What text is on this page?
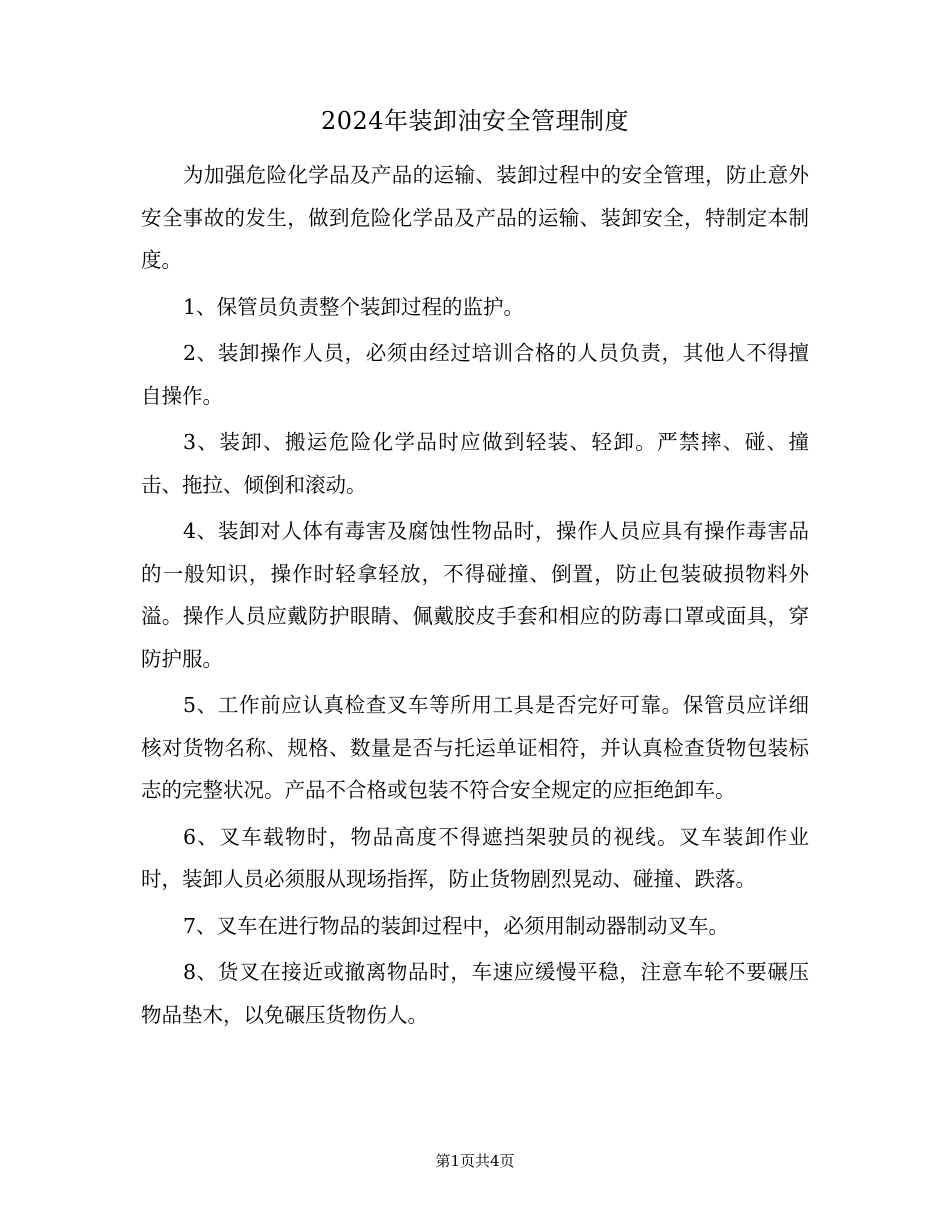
2024年装卸油安全管理制度

为加强危险化学品及产品的运输、装卸过程中的安全管理，防止意外安全事故的发生，做到危险化学品及产品的运输、装卸安全，特制定本制度。

1、保管员负责整个装卸过程的监护。

2、装卸操作人员，必须由经过培训合格的人员负责，其他人不得擅自操作。

3、装卸、搬运危险化学品时应做到轻装、轻卸。严禁摔、碰、撞击、拖拉、倾倒和滚动。

4、装卸对人体有毒害及腐蚀性物品时，操作人员应具有操作毒害品的一般知识，操作时轻拿轻放，不得碰撞、倒置，防止包装破损物料外溢。操作人员应戴防护眼睛、佩戴胶皮手套和相应的防毒口罩或面具，穿防护服。

5、工作前应认真检查叉车等所用工具是否完好可靠。保管员应详细核对货物名称、规格、数量是否与托运单证相符，并认真检查货物包装标志的完整状况。产品不合格或包装不符合安全规定的应拒绝卸车。

6、叉车载物时，物品高度不得遮挡架驶员的视线。叉车装卸作业时，装卸人员必须服从现场指挥，防止货物剧烈晃动、碰撞、跌落。

7、叉车在进行物品的装卸过程中，必须用制动器制动叉车。

8、货叉在接近或撤离物品时，车速应缓慢平稳，注意车轮不要碾压物品垫木，以免碾压货物伤人。

第1页共4页
